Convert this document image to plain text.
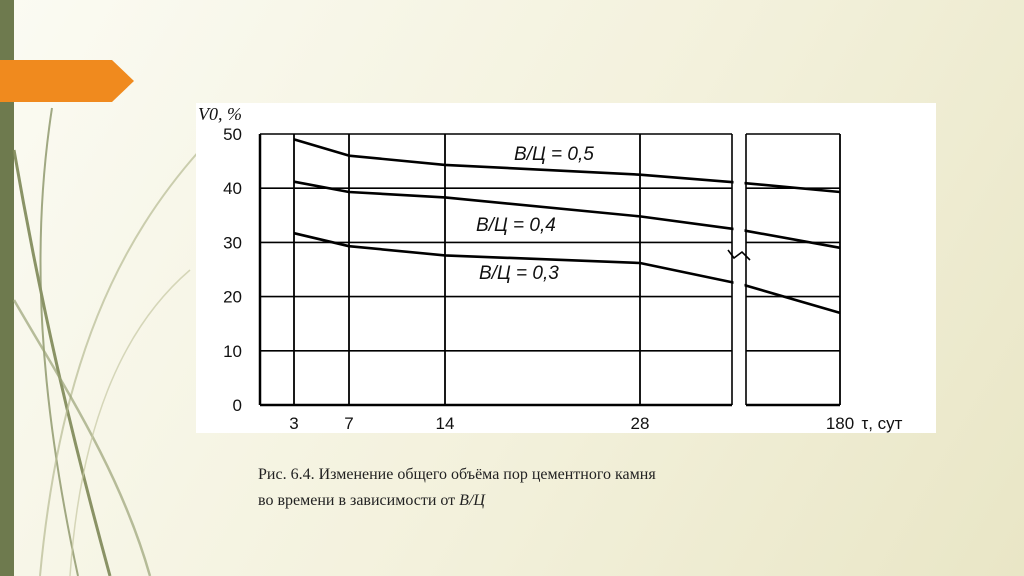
0
10
20
30
40
50
3	7	14	28	180
V0, %
τ, сут
В/Ц = 0,5
В/Ц = 0,4
В/Ц = 0,3
Рис. 6.4. Изменение общего объёма пор цементного камня
во времени в зависимости от В/Ц
